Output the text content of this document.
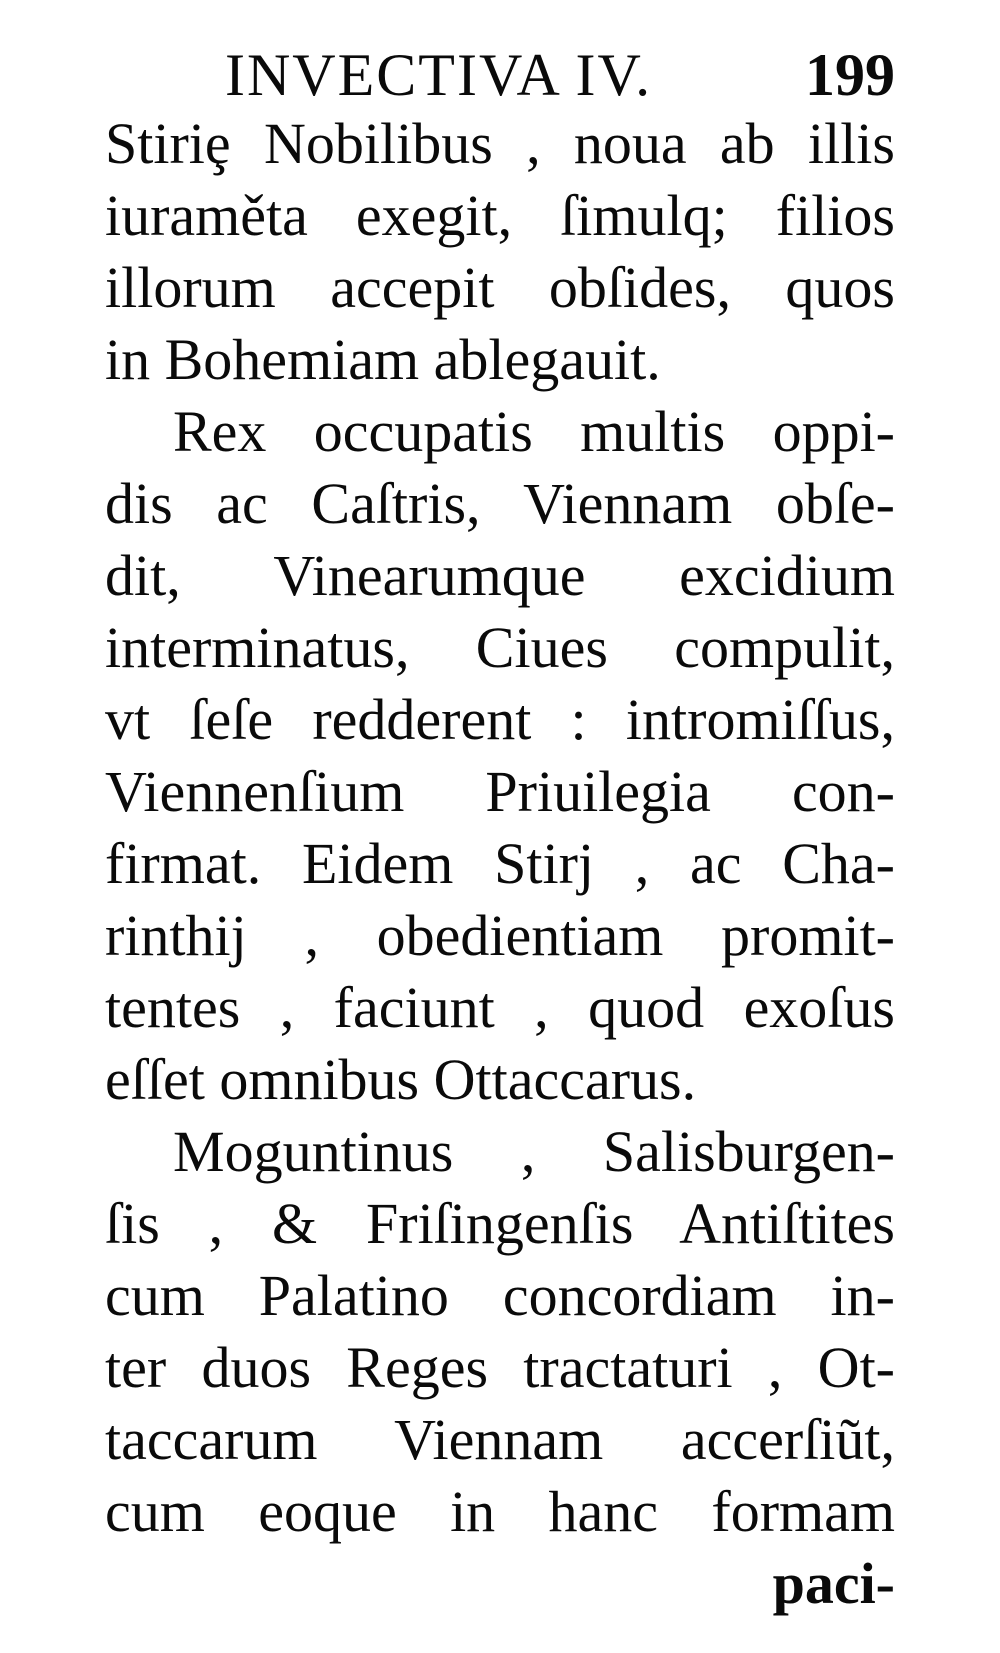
INVECTIVA IV.	199
Stiriȩ Nobilibus , noua ab illis
iuraměta exegit, ſimulq; filios
illorum accepit obſides, quos
in Bohemiam ablegauit.
Rex occupatis multis oppi-
dis ac Caſtris, Viennam obſe-
dit, Vinearumque excidium
interminatus, Ciues compulit,
vt ſeſe redderent : intromiſſus,
Viennenſium Priuilegia con-
firmat. Eidem Stirj , ac Cha-
rinthij , obedientiam promit-
tentes , faciunt , quod exoſus
eſſet omnibus Ottaccarus.
Moguntinus , Salisburgen-
ſis , & Friſingenſis Antiſtites
cum Palatino concordiam in-
ter duos Reges tractaturi , Ot-
taccarum Viennam accerſiũt,
cum eoque in hanc formam
paci-
